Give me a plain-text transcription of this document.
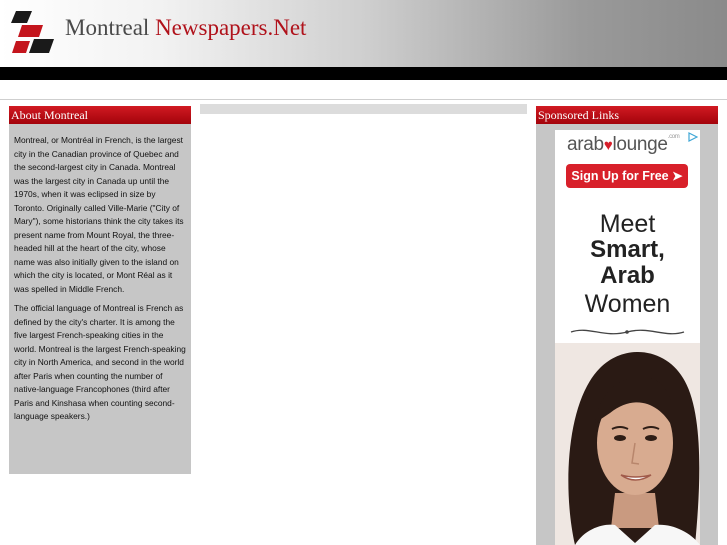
Montreal Newspapers.Net
About Montreal

Montreal, or Montréal in French, is the largest city in the Canadian province of Quebec and the second-largest city in Canada. Montreal was the largest city in Canada up until the 1970s, when it was eclipsed in size by Toronto. Originally called Ville-Marie ("City of Mary"), some historians think the city takes its present name from Mount Royal, the three-headed hill at the heart of the city, whose name was also initially given to the island on which the city is located, or Mont Réal as it was spelled in Middle French.

The official language of Montreal is French as defined by the city's charter. It is among the five largest French-speaking cities in the world. Montreal is the largest French-speaking city in North America, and second in the world after Paris when counting the number of native-language Francophones (third after Paris and Kinshasa when counting second-language speakers.)

Sponsored Links
arab♥lounge$^{.com}$
Sign Up for Free ➤
Meet
Smart,
Arab
Women
